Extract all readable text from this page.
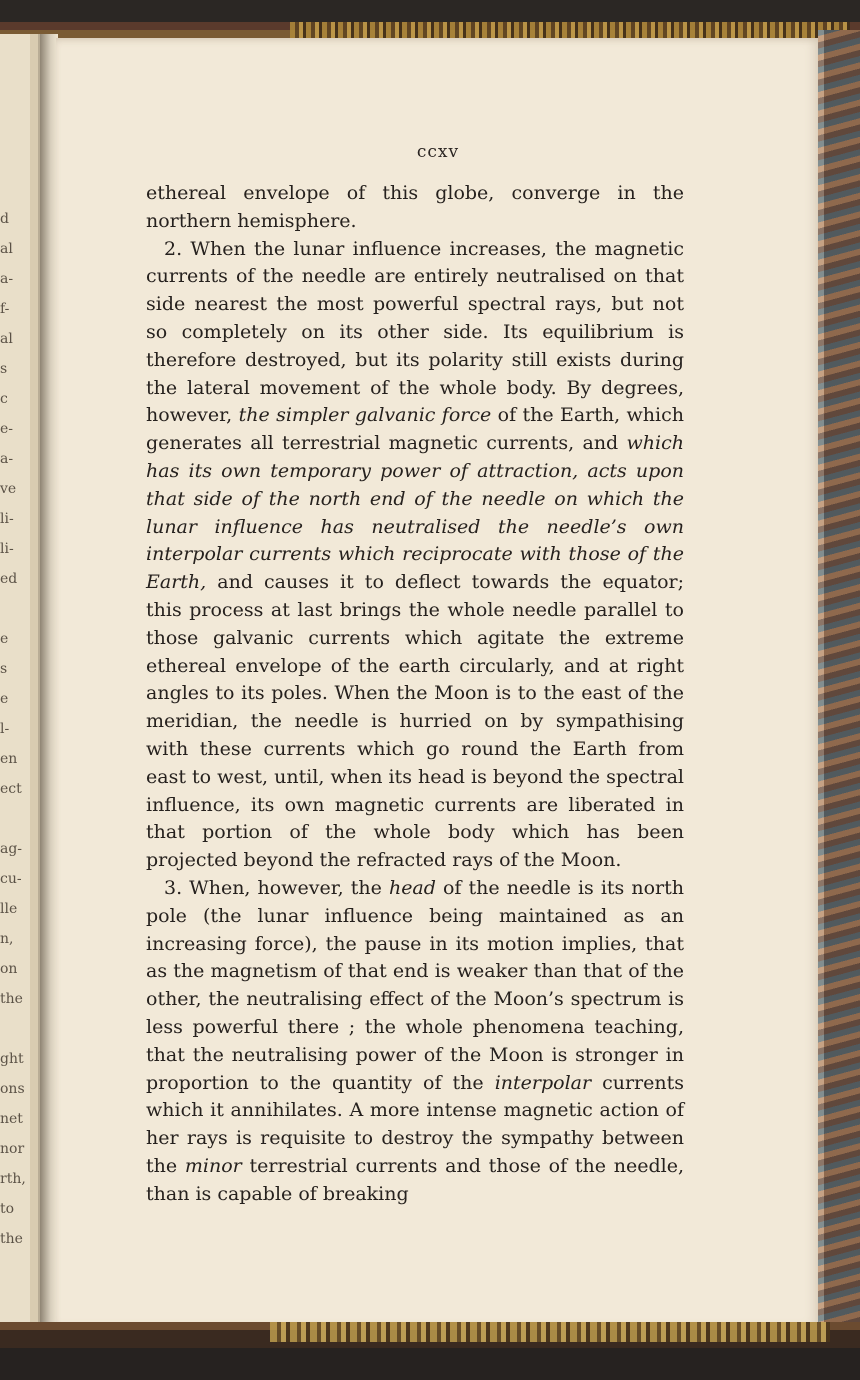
d
al
a-
f-
al
s
c
e-
a-
ve
li-
li-
ed

e
s
e
l-
en
ect

ag-
cu-
lle
n,
on
the

ght
ons
net
nor
rth,
to
the
ccxv

ethereal envelope of this globe, converge in the northern hemisphere.

2. When the lunar influence increases, the magnetic currents of the needle are entirely neutralised on that side nearest the most powerful spectral rays, but not so completely on its other side. Its equilibrium is therefore destroyed, but its polarity still exists during the lateral movement of the whole body. By degrees, however, the simpler galvanic force of the Earth, which generates all terrestrial magnetic currents, and which has its own temporary power of attraction, acts upon that side of the north end of the needle on which the lunar influence has neutralised the needle’s own interpolar currents which reciprocate with those of the Earth, and causes it to deflect towards the equator; this process at last brings the whole needle parallel to those galvanic currents which agitate the extreme ethereal envelope of the earth circularly, and at right angles to its poles. When the Moon is to the east of the meridian, the needle is hurried on by sympathising with these currents which go round the Earth from east to west, until, when its head is beyond the spectral influence, its own magnetic currents are liberated in that portion of the whole body which has been projected beyond the refracted rays of the Moon.

3. When, however, the head of the needle is its north pole (the lunar influence being maintained as an increasing force), the pause in its motion implies, that as the magnetism of that end is weaker than that of the other, the neutralising effect of the Moon’s spectrum is less powerful there ; the whole phenomena teaching, that the neutralising power of the Moon is stronger in proportion to the quantity of the interpolar currents which it annihilates. A more intense magnetic action of her rays is requisite to destroy the sympathy between the minor terrestrial currents and those of the needle, than is capable of breaking
